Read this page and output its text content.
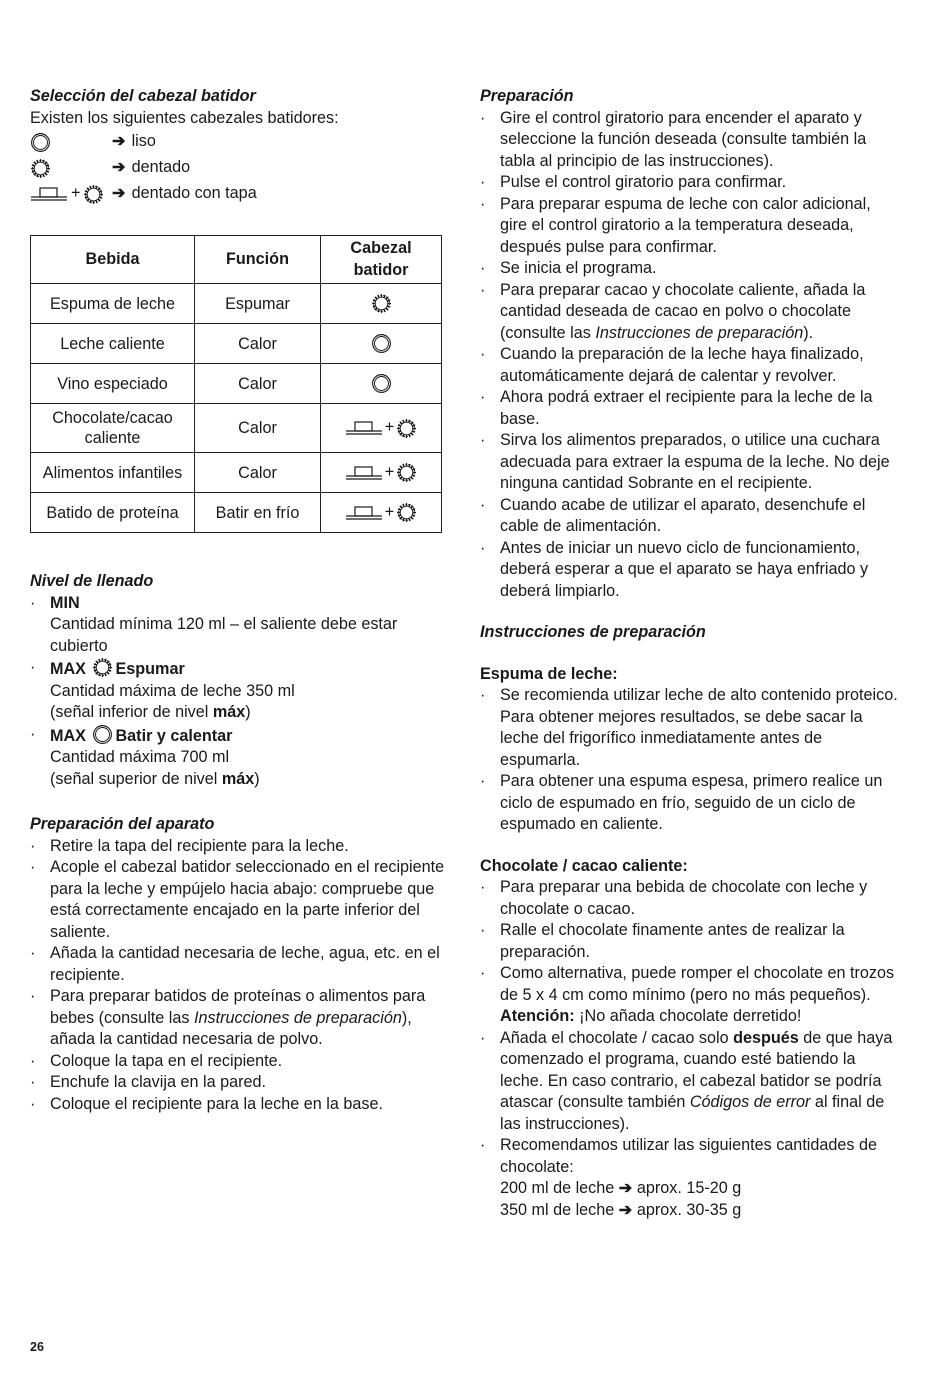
Selección del cabezal batidor

Existen los siguientes cabezales batidores:

➔ liso
➔ dentado
+ ➔ dentado con tapa
Bebida	Función	Cabezal batidor
Espuma de leche	Espumar	
Leche caliente	Calor	
Vino especiado	Calor	
Chocolate/cacao caliente	Calor	+
Alimentos infantiles	Calor	+
Batido de proteína	Batir en frío	+

Nivel de llenado

· MIN
Cantidad mínima 120 ml – el saliente debe estar cubierto
· MAX Espumar
Cantidad máxima de leche 350 ml
(señal inferior de nivel máx)
· MAX Batir y calentar
Cantidad máxima 700 ml
(señal superior de nivel máx)

Preparación del aparato

· Retire la tapa del recipiente para la leche.
· Acople el cabezal batidor seleccionado en el recipiente para la leche y empújelo hacia abajo: compruebe que está correctamente encajado en la parte inferior del saliente.
· Añada la cantidad necesaria de leche, agua, etc. en el recipiente.
· Para preparar batidos de proteínas o alimentos para bebes (consulte las Instrucciones de preparación), añada la cantidad necesaria de polvo.
· Coloque la tapa en el recipiente.
· Enchufe la clavija en la pared.
· Coloque el recipiente para la leche en la base.

Preparación

· Gire el control giratorio para encender el aparato y seleccione la función deseada (consulte también la tabla al principio de las instrucciones).
· Pulse el control giratorio para confirmar.
· Para preparar espuma de leche con calor adicional, gire el control giratorio a la temperatura deseada, después pulse para confirmar.
· Se inicia el programa.
· Para preparar cacao y chocolate caliente, añada la cantidad deseada de cacao en polvo o chocolate (consulte las Instrucciones de preparación).
· Cuando la preparación de la leche haya finalizado, automáticamente dejará de calentar y revolver.
· Ahora podrá extraer el recipiente para la leche de la base.
· Sirva los alimentos preparados, o utilice una cuchara adecuada para extraer la espuma de la leche. No deje ninguna cantidad Sobrante en el recipiente.
· Cuando acabe de utilizar el aparato, desenchufe el cable de alimentación.
· Antes de iniciar un nuevo ciclo de funcionamiento, deberá esperar a que el aparato se haya enfriado y deberá limpiarlo.

Instrucciones de preparación

Espuma de leche:

· Se recomienda utilizar leche de alto contenido proteico. Para obtener mejores resultados, se debe sacar la leche del frigorífico inmediatamente antes de espumarla.
· Para obtener una espuma espesa, primero realice un ciclo de espumado en frío, seguido de un ciclo de espumado en caliente.

Chocolate / cacao caliente:

· Para preparar una bebida de chocolate con leche y chocolate o cacao.
· Ralle el chocolate finamente antes de realizar la preparación.
· Como alternativa, puede romper el chocolate en trozos de 5 x 4 cm como mínimo (pero no más pequeños).
Atención: ¡No añada chocolate derretido!
· Añada el chocolate / cacao solo después de que haya comenzado el programa, cuando esté batiendo la leche. En caso contrario, el cabezal batidor se podría atascar (consulte también Códigos de error al final de las instrucciones).
· Recomendamos utilizar las siguientes cantidades de chocolate:
200 ml de leche ➔ aprox. 15-20 g
350 ml de leche ➔ aprox. 30-35 g
26
